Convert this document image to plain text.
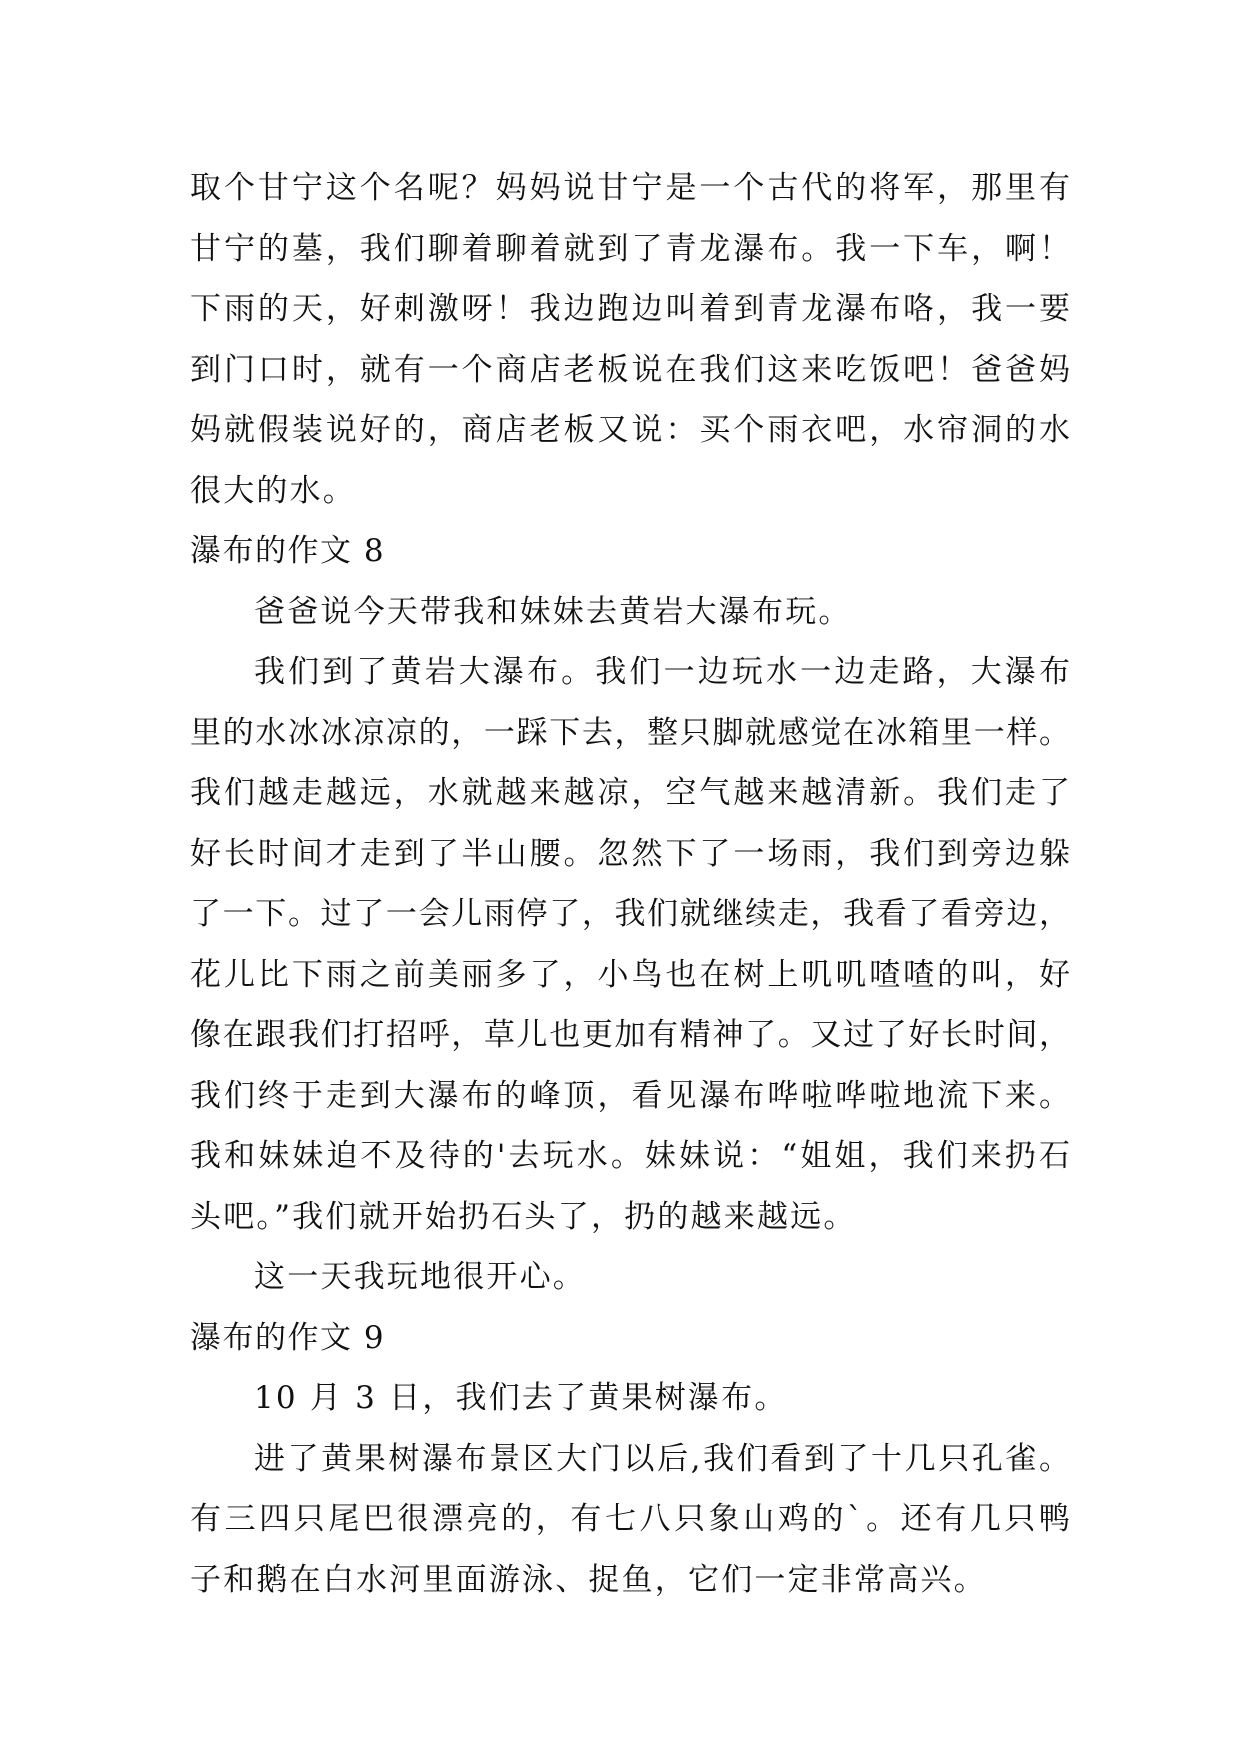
取个甘宁这个名呢？妈妈说甘宁是一个古代的将军，那里有
甘宁的墓，我们聊着聊着就到了青龙瀑布。我一下车，啊！
下雨的天，好刺激呀！我边跑边叫着到青龙瀑布咯，我一要
到门口时，就有一个商店老板说在我们这来吃饭吧！爸爸妈
妈就假装说好的，商店老板又说：买个雨衣吧，水帘洞的水
很大的水。
瀑布的作文 8
爸爸说今天带我和妹妹去黄岩大瀑布玩。
我们到了黄岩大瀑布。我们一边玩水一边走路，大瀑布
里的水冰冰凉凉的，一踩下去，整只脚就感觉在冰箱里一样。
我们越走越远，水就越来越凉，空气越来越清新。我们走了
好长时间才走到了半山腰。忽然下了一场雨，我们到旁边躲
了一下。过了一会儿雨停了，我们就继续走，我看了看旁边，
花儿比下雨之前美丽多了，小鸟也在树上叽叽喳喳的叫，好
像在跟我们打招呼，草儿也更加有精神了。又过了好长时间，
我们终于走到大瀑布的峰顶，看见瀑布哗啦哗啦地流下来。
我和妹妹迫不及待的'去玩水。妹妹说：“姐姐，我们来扔石
头吧。”我们就开始扔石头了，扔的越来越远。
这一天我玩地很开心。
瀑布的作文 9
10 月 3 日，我们去了黄果树瀑布。
进了黄果树瀑布景区大门以后,我们看到了十几只孔雀。
有三四只尾巴很漂亮的，有七八只象山鸡的`。还有几只鸭
子和鹅在白水河里面游泳、捉鱼，它们一定非常高兴。
